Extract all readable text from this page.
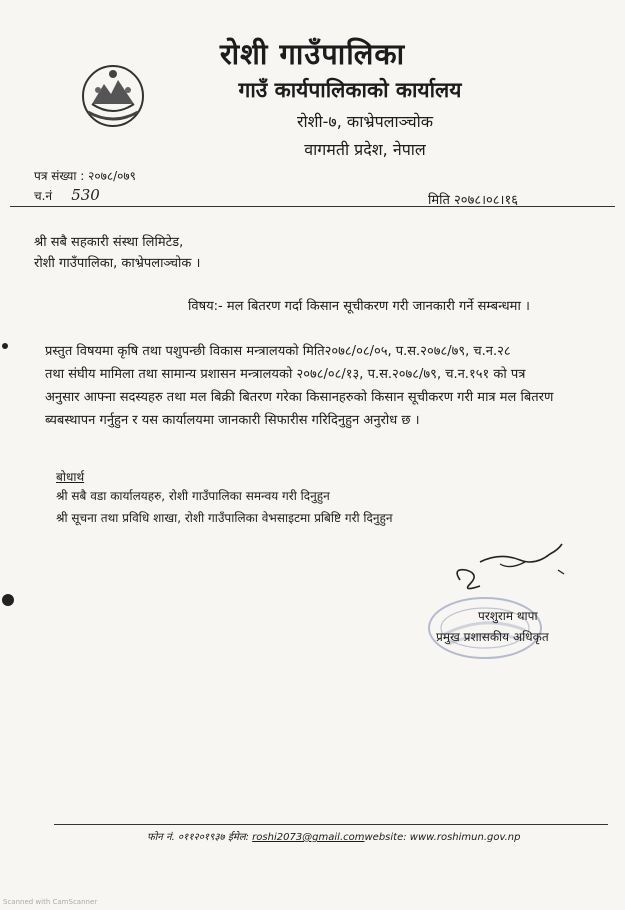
रोशी गाउँपालिका
गाउँ कार्यपालिकाको कार्यालय
रोशी-७, काभ्रेपलाञ्चोक
वागमती प्रदेश, नेपाल
पत्र संख्या : २०७८/०७९
च.नं 530	मिति २०७८।०८।१६
श्री सबै सहकारी संस्था लिमिटेड,
रोशी गाउँपालिका, काभ्रेपलाञ्चोक ।
विषय:- मल बितरण गर्दा किसान सूचीकरण गरी जानकारी गर्ने सम्बन्धमा ।
प्रस्तुत विषयमा कृषि तथा पशुपन्छी विकास मन्त्रालयको मिति२०७८/०८/०५, प.स.२०७८/७९, च.न.२८
तथा संघीय मामिला तथा सामान्य प्रशासन मन्त्रालयको २०७८/०८/१३, प.स.२०७८/७९, च.न.१५१ को पत्र
अनुसार आफ्ना सदस्यहरु तथा मल बिक्री बितरण गरेका किसानहरुको किसान सूचीकरण गरी मात्र मल बितरण
ब्यबस्थापन गर्नुहुन र यस कार्यालयमा जानकारी सिफारीस गरिदिनुहुन अनुरोध छ ।
बोधार्थ
श्री सबै वडा कार्यालयहरु, रोशी गाउँपालिका समन्वय गरी दिनुहुन
श्री सूचना तथा प्रविधि शाखा, रोशी गाउँपालिका वेभसाइटमा प्रबिष्टि गरी दिनुहुन
परशुराम थापा
प्रमुख प्रशासकीय अधिकृत
फोन नं. ०११२०१९३७ ईमेल: roshi2073@gmail.comwebsite: www.roshimun.gov.np
Scanned with CamScanner
